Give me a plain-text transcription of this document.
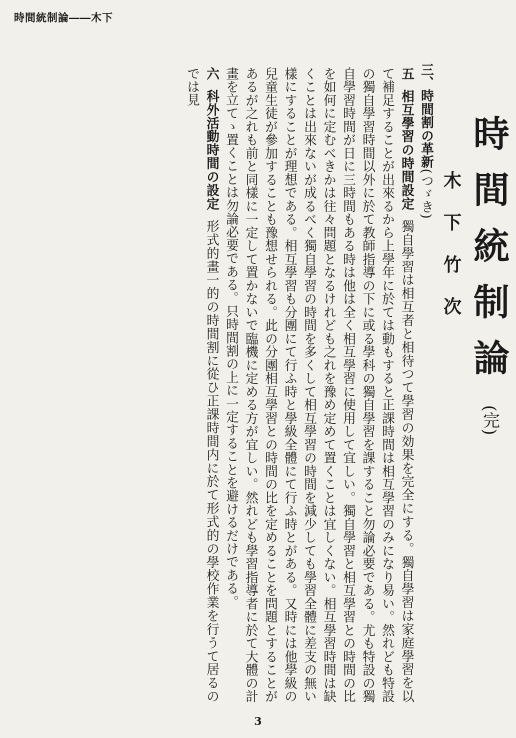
時間統制論――木下
時間統制論(完)
木下竹次

三、時間割の革新(つゞき)

五相互學習の時間設定獨自學習は相互者と相待つて學習の効果を完全にする。獨自學習は家庭學習を以て補足することが出來るから上學年に於ては動もすると正課時間は相互學習のみになり易い。然れども特設の獨自學習時間以外に於て教師指導の下に或る學科の獨自學習を課すること勿論必要である。尤も特設の獨自學習時間が日に三時間もある時は他は全く相互學習に使用して宜しい。獨自學習と相互學習との時間の比を如何に定むべきかは往々問題となるけれども之れを豫め定めて置くことは宜しくない。相互學習時間は缺くことは出來ないが成るべく獨自學習の時間を多くして相互學習の時間を減少しても學習全體に差支の無い樣にすることが理想である。相互學習も分團にて行ふ時と學級全體にて行ふ時とがある。又時には他學級の兒童生徒が參加することも豫想せられる。此の分團相互學習との時間の比を定めることを問題とすることがあるが之れも前と同樣に一定して置かないで臨機に定める方が宜しい。然れども學習指導者に於て大體の計畫を立てゝ置くことは勿論必要である。只時間割の上に一定することを避けるだけである。

六科外活動時間の設定形式的畫一的の時間割に從ひ正課時間内に於て形式的の學校作業を行うて居るのでは見

3
